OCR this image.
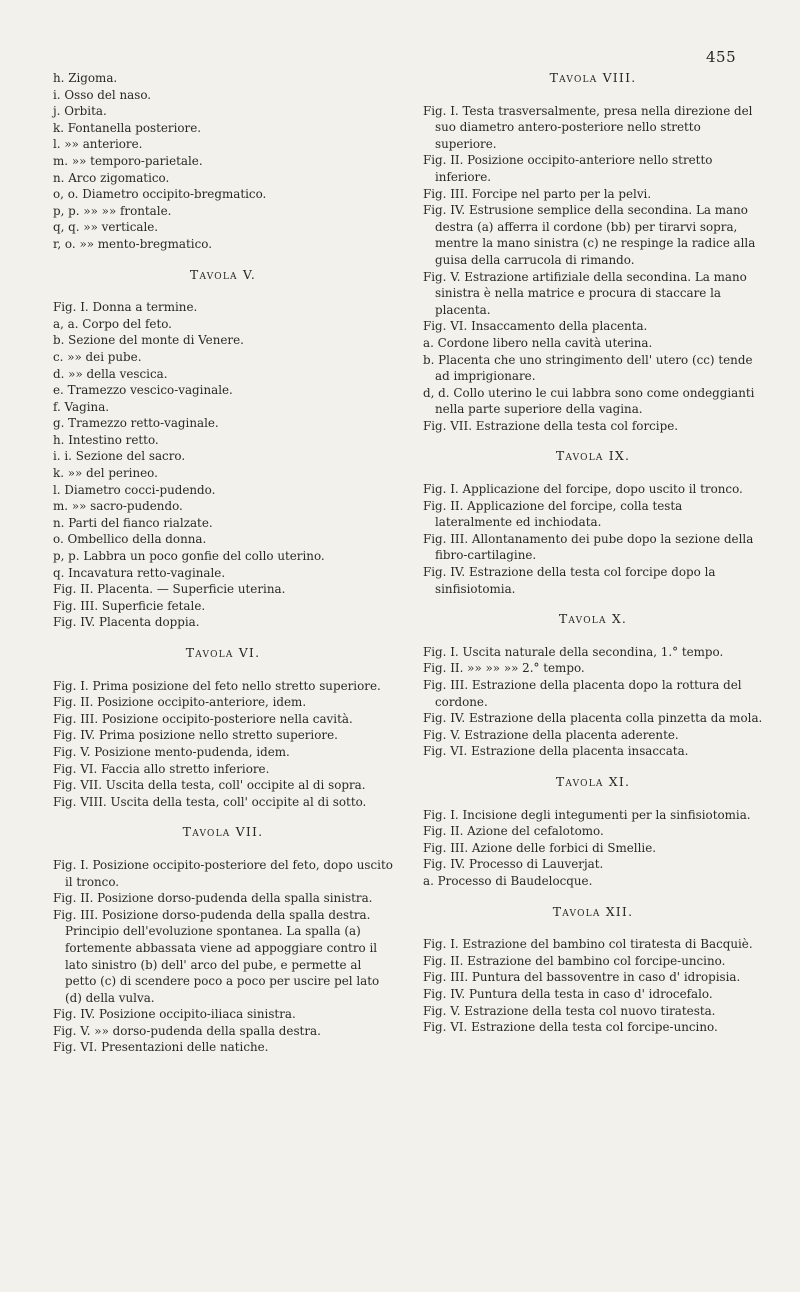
455
h. Zigoma.
i. Osso del naso.
j. Orbita.
k. Fontanella posteriore.
l. »» anteriore.
m. »» temporo-parietale.
n. Arco zigomatico.
o, o. Diametro occipito-bregmatico.
p, p. »» »» frontale.
q, q. »» verticale.
r, o. »» mento-bregmatico.
Tavola V.
Fig. I. Donna a termine.
a, a. Corpo del feto.
b. Sezione del monte di Venere.
c. »» dei pube.
d. »» della vescica.
e. Tramezzo vescico-vaginale.
f. Vagina.
g. Tramezzo retto-vaginale.
h. Intestino retto.
i. i. Sezione del sacro.
k. »» del perineo.
l. Diametro cocci-pudendo.
m. »» sacro-pudendo.
n. Parti del fianco rialzate.
o. Ombellico della donna.
p, p. Labbra un poco gonfie del collo uterino.
q. Incavatura retto-vaginale.
Fig. II. Placenta. — Superficie uterina.
Fig. III. Superficie fetale.
Fig. IV. Placenta doppia.
Tavola VI.
Fig. I. Prima posizione del feto nello stretto superiore.
Fig. II. Posizione occipito-anteriore, idem.
Fig. III. Posizione occipito-posteriore nella cavità.
Fig. IV. Prima posizione nello stretto superiore.
Fig. V. Posizione mento-pudenda, idem.
Fig. VI. Faccia allo stretto inferiore.
Fig. VII. Uscita della testa, coll' occipite al di sopra.
Fig. VIII. Uscita della testa, coll' occipite al di sotto.
Tavola VII.
Fig. I. Posizione occipito-posteriore del feto, dopo uscito il tronco.
Fig. II. Posizione dorso-pudenda della spalla sinistra.
Fig. III. Posizione dorso-pudenda della spalla destra. Principio dell'evoluzione spontanea. La spalla (a) fortemente abbassata viene ad appoggiare contro il lato sinistro (b) dell' arco del pube, e permette al petto (c) di scendere poco a poco per uscire pel lato (d) della vulva.
Fig. IV. Posizione occipito-iliaca sinistra.
Fig. V. »» dorso-pudenda della spalla destra.
Fig. VI. Presentazioni delle natiche.
Tavola VIII.
Fig. I. Testa trasversalmente, presa nella direzione del suo diametro antero-posteriore nello stretto superiore.
Fig. II. Posizione occipito-anteriore nello stretto inferiore.
Fig. III. Forcipe nel parto per la pelvi.
Fig. IV. Estrusione semplice della secondina. La mano destra (a) afferra il cordone (bb) per tirarvi sopra, mentre la mano sinistra (c) ne respinge la radice alla guisa della carrucola di rimando.
Fig. V. Estrazione artifiziale della secondina. La mano sinistra è nella matrice e procura di staccare la placenta.
Fig. VI. Insaccamento della placenta.
a. Cordone libero nella cavità uterina.
b. Placenta che uno stringimento dell' utero (cc) tende ad imprigionare.
d, d. Collo uterino le cui labbra sono come ondeggianti nella parte superiore della vagina.
Fig. VII. Estrazione della testa col forcipe.
Tavola IX.
Fig. I. Applicazione del forcipe, dopo uscito il tronco.
Fig. II. Applicazione del forcipe, colla testa lateralmente ed inchiodata.
Fig. III. Allontanamento dei pube dopo la sezione della fibro-cartilagine.
Fig. IV. Estrazione della testa col forcipe dopo la sinfisiotomia.
Tavola X.
Fig. I. Uscita naturale della secondina, 1.° tempo.
Fig. II. »» »» »» 2.° tempo.
Fig. III. Estrazione della placenta dopo la rottura del cordone.
Fig. IV. Estrazione della placenta colla pinzetta da mola.
Fig. V. Estrazione della placenta aderente.
Fig. VI. Estrazione della placenta insaccata.
Tavola XI.
Fig. I. Incisione degli integumenti per la sinfisiotomia.
Fig. II. Azione del cefalotomo.
Fig. III. Azione delle forbici di Smellie.
Fig. IV. Processo di Lauverjat.
a. Processo di Baudelocque.
Tavola XII.
Fig. I. Estrazione del bambino col tiratesta di Bacquiè.
Fig. II. Estrazione del bambino col forcipe-uncino.
Fig. III. Puntura del bassoventre in caso d' idropisia.
Fig. IV. Puntura della testa in caso d' idrocefalo.
Fig. V. Estrazione della testa col nuovo tiratesta.
Fig. VI. Estrazione della testa col forcipe-uncino.
